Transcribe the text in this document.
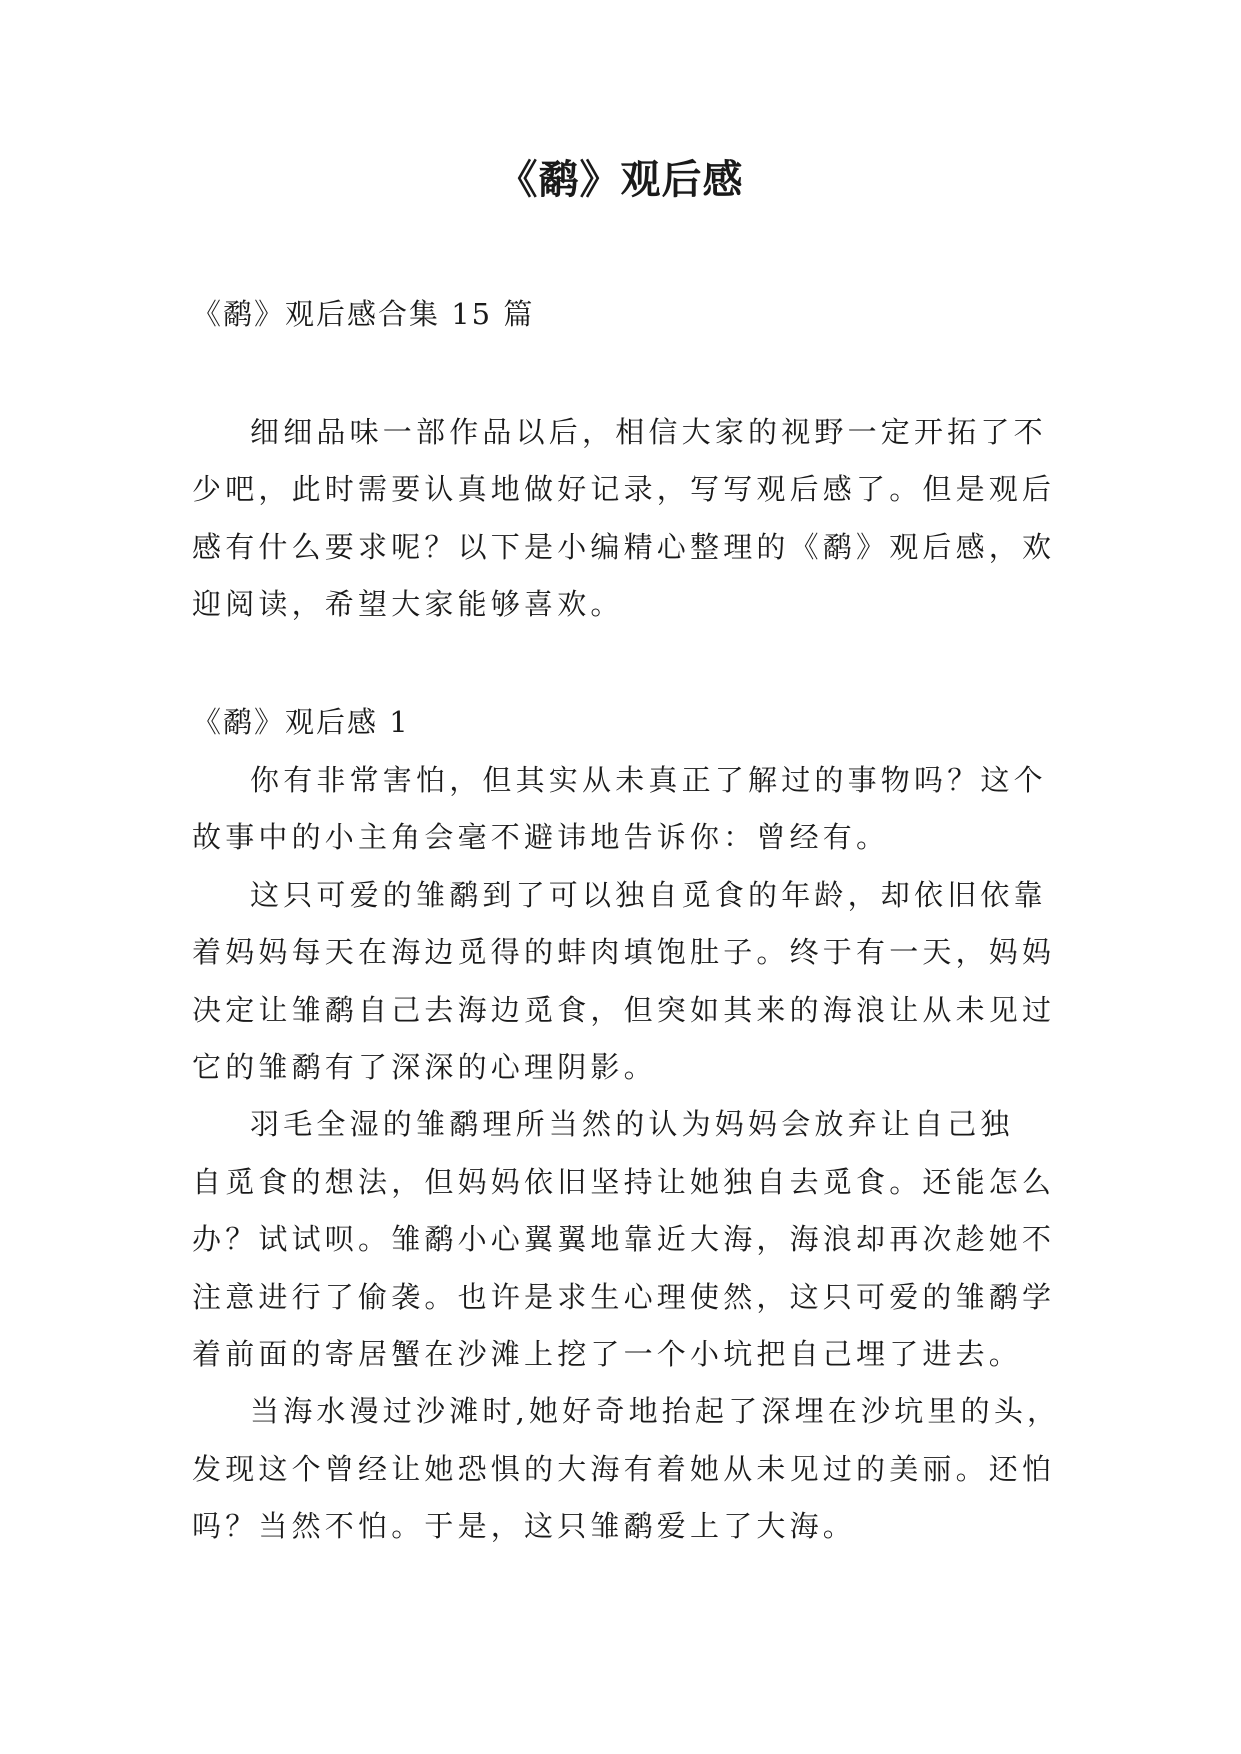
《鹬》观后感

《鹬》观后感合集 15 篇

细细品味一部作品以后，相信大家的视野一定开拓了不
少吧，此时需要认真地做好记录，写写观后感了。但是观后
感有什么要求呢？以下是小编精心整理的《鹬》观后感，欢
迎阅读，希望大家能够喜欢。

《鹬》观后感 1

你有非常害怕，但其实从未真正了解过的事物吗？这个
故事中的小主角会毫不避讳地告诉你：曾经有。
这只可爱的雏鹬到了可以独自觅食的年龄，却依旧依靠
着妈妈每天在海边觅得的蚌肉填饱肚子。终于有一天，妈妈
决定让雏鹬自己去海边觅食，但突如其来的海浪让从未见过
它的雏鹬有了深深的心理阴影。
羽毛全湿的雏鹬理所当然的认为妈妈会放弃让自己独
自觅食的想法，但妈妈依旧坚持让她独自去觅食。还能怎么
办？试试呗。雏鹬小心翼翼地靠近大海，海浪却再次趁她不
注意进行了偷袭。也许是求生心理使然，这只可爱的雏鹬学
着前面的寄居蟹在沙滩上挖了一个小坑把自己埋了进去。
当海水漫过沙滩时,她好奇地抬起了深埋在沙坑里的头，
发现这个曾经让她恐惧的大海有着她从未见过的美丽。还怕
吗？当然不怕。于是，这只雏鹬爱上了大海。
